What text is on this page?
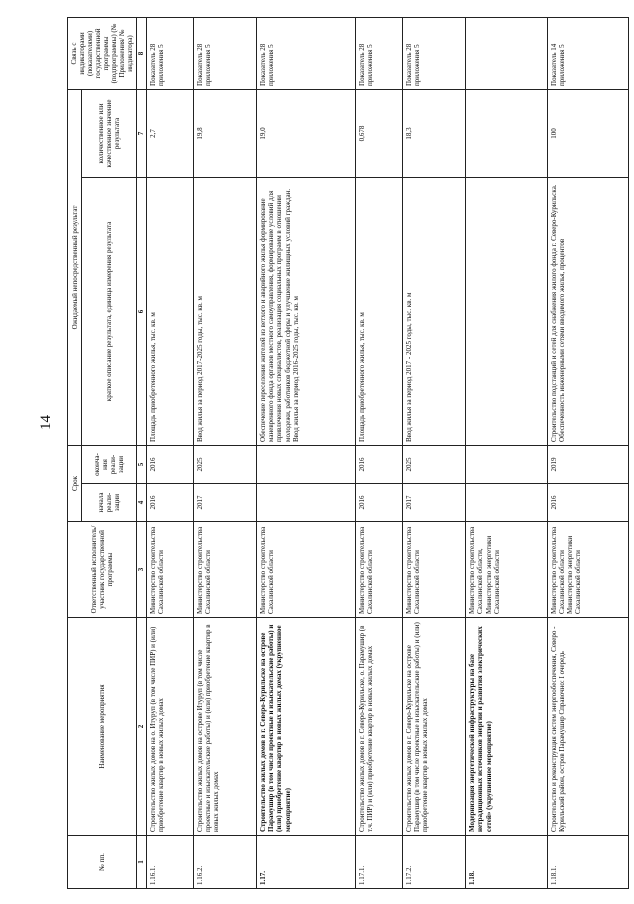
14
№ пп.	Наименование мероприятия	Ответственный исполнитель/участник государственной программы	Срок		Ожидаемый непосредственный результат		Связь с индикаторами (показателями) государственной программы (подпрограммы) (№ Приложения/ № индикатора)
			начала реали-зации	оконча-ния реали-зации	краткое описание результата, единица измерения результата	количественное или качественное значение результата	
1	2	3	4	5	6	7	8
1.16.1.	Строительство жилых домов на о. Итуруп (в том числе ПИР) и (или) приобретение квартир в новых жилых домах	Министерство строительства Сахалинской области	2016	2016	Площадь приобретенного жилья, тыс. кв. м	2,7	Показатель 28 приложения 5
1.16.2.	Строительство жилых домов на острове Итуруп (в том числе проектные и изыскательские работы) и (или) приобретение квартир в новых жилых домах	Министерство строительства Сахалинской области	2017	2025	Ввод жилья за период 2017-2025 годы, тыс. кв. м	19,8	Показатель 28 приложения 5
1.17.	Строительство жилых домов в г. Северо-Курильске на острове Парамушир (в том числе проектные и изыскательские работы) и (или) приобретение квартир в новых жилых домах (укрупненное мероприятие)	Министерство строительства Сахалинской области			Обеспечение переселения жителей из ветхого и аварийного жилья формирование маневренного фонда органов местного самоуправления, формирование условий для привлечения новых специалистов, реализация социальных программ в отношении молодежи, работников бюджетной сферы и улучшение жилищных условий граждан. Ввод жилья за период 2016-2025 годы, тыс. кв. м	19,0	Показатель 28 приложения 5
1.17.1.	Строительство жилых домов в г. Северо-Курильске, о. Парамушир (в т.ч. ПИР) и (или) приобретение квартир в новых жилых домах	Министерство строительства Сахалинской области	2016	2016	Площадь приобретенного жилья, тыс. кв. м	0,678	Показатель 28 приложения 5
1.17.2.	Строительство жилых домов в г. Северо-Курильске на острове Парамушир (в том числе проектные и изыскательские работы) и (или) приобретение квартир в новых жилых домах	Министерство строительства Сахалинской области	2017	2025	Ввод жилья за период 2017 - 2025 годы, тыс. кв. м	18,3	Показатель 28 приложения 5
1.18.	Модернизация энергетической инфраструктуры на базе нетрадиционных источников энергии и развития электрических сетей» (укрупненное мероприятие)	Министерство строительства Сахалинской области, Министерство энергетики Сахалинской области					
1.18.1.	Строительство и реконструкция систем энергообеспечения, Северо - Курильский район, остров Парамушир Справочно: I очередь	Министерство строительства Сахалинской области Министерство энергетики Сахалинской области	2016	2019	Строительство подстанций и сетей для снабжения жилого фонда г. Северо-Курильска. Обеспеченность инженерными сетями вводимого жилья, процентов	100	Показатель 14 приложения 5
